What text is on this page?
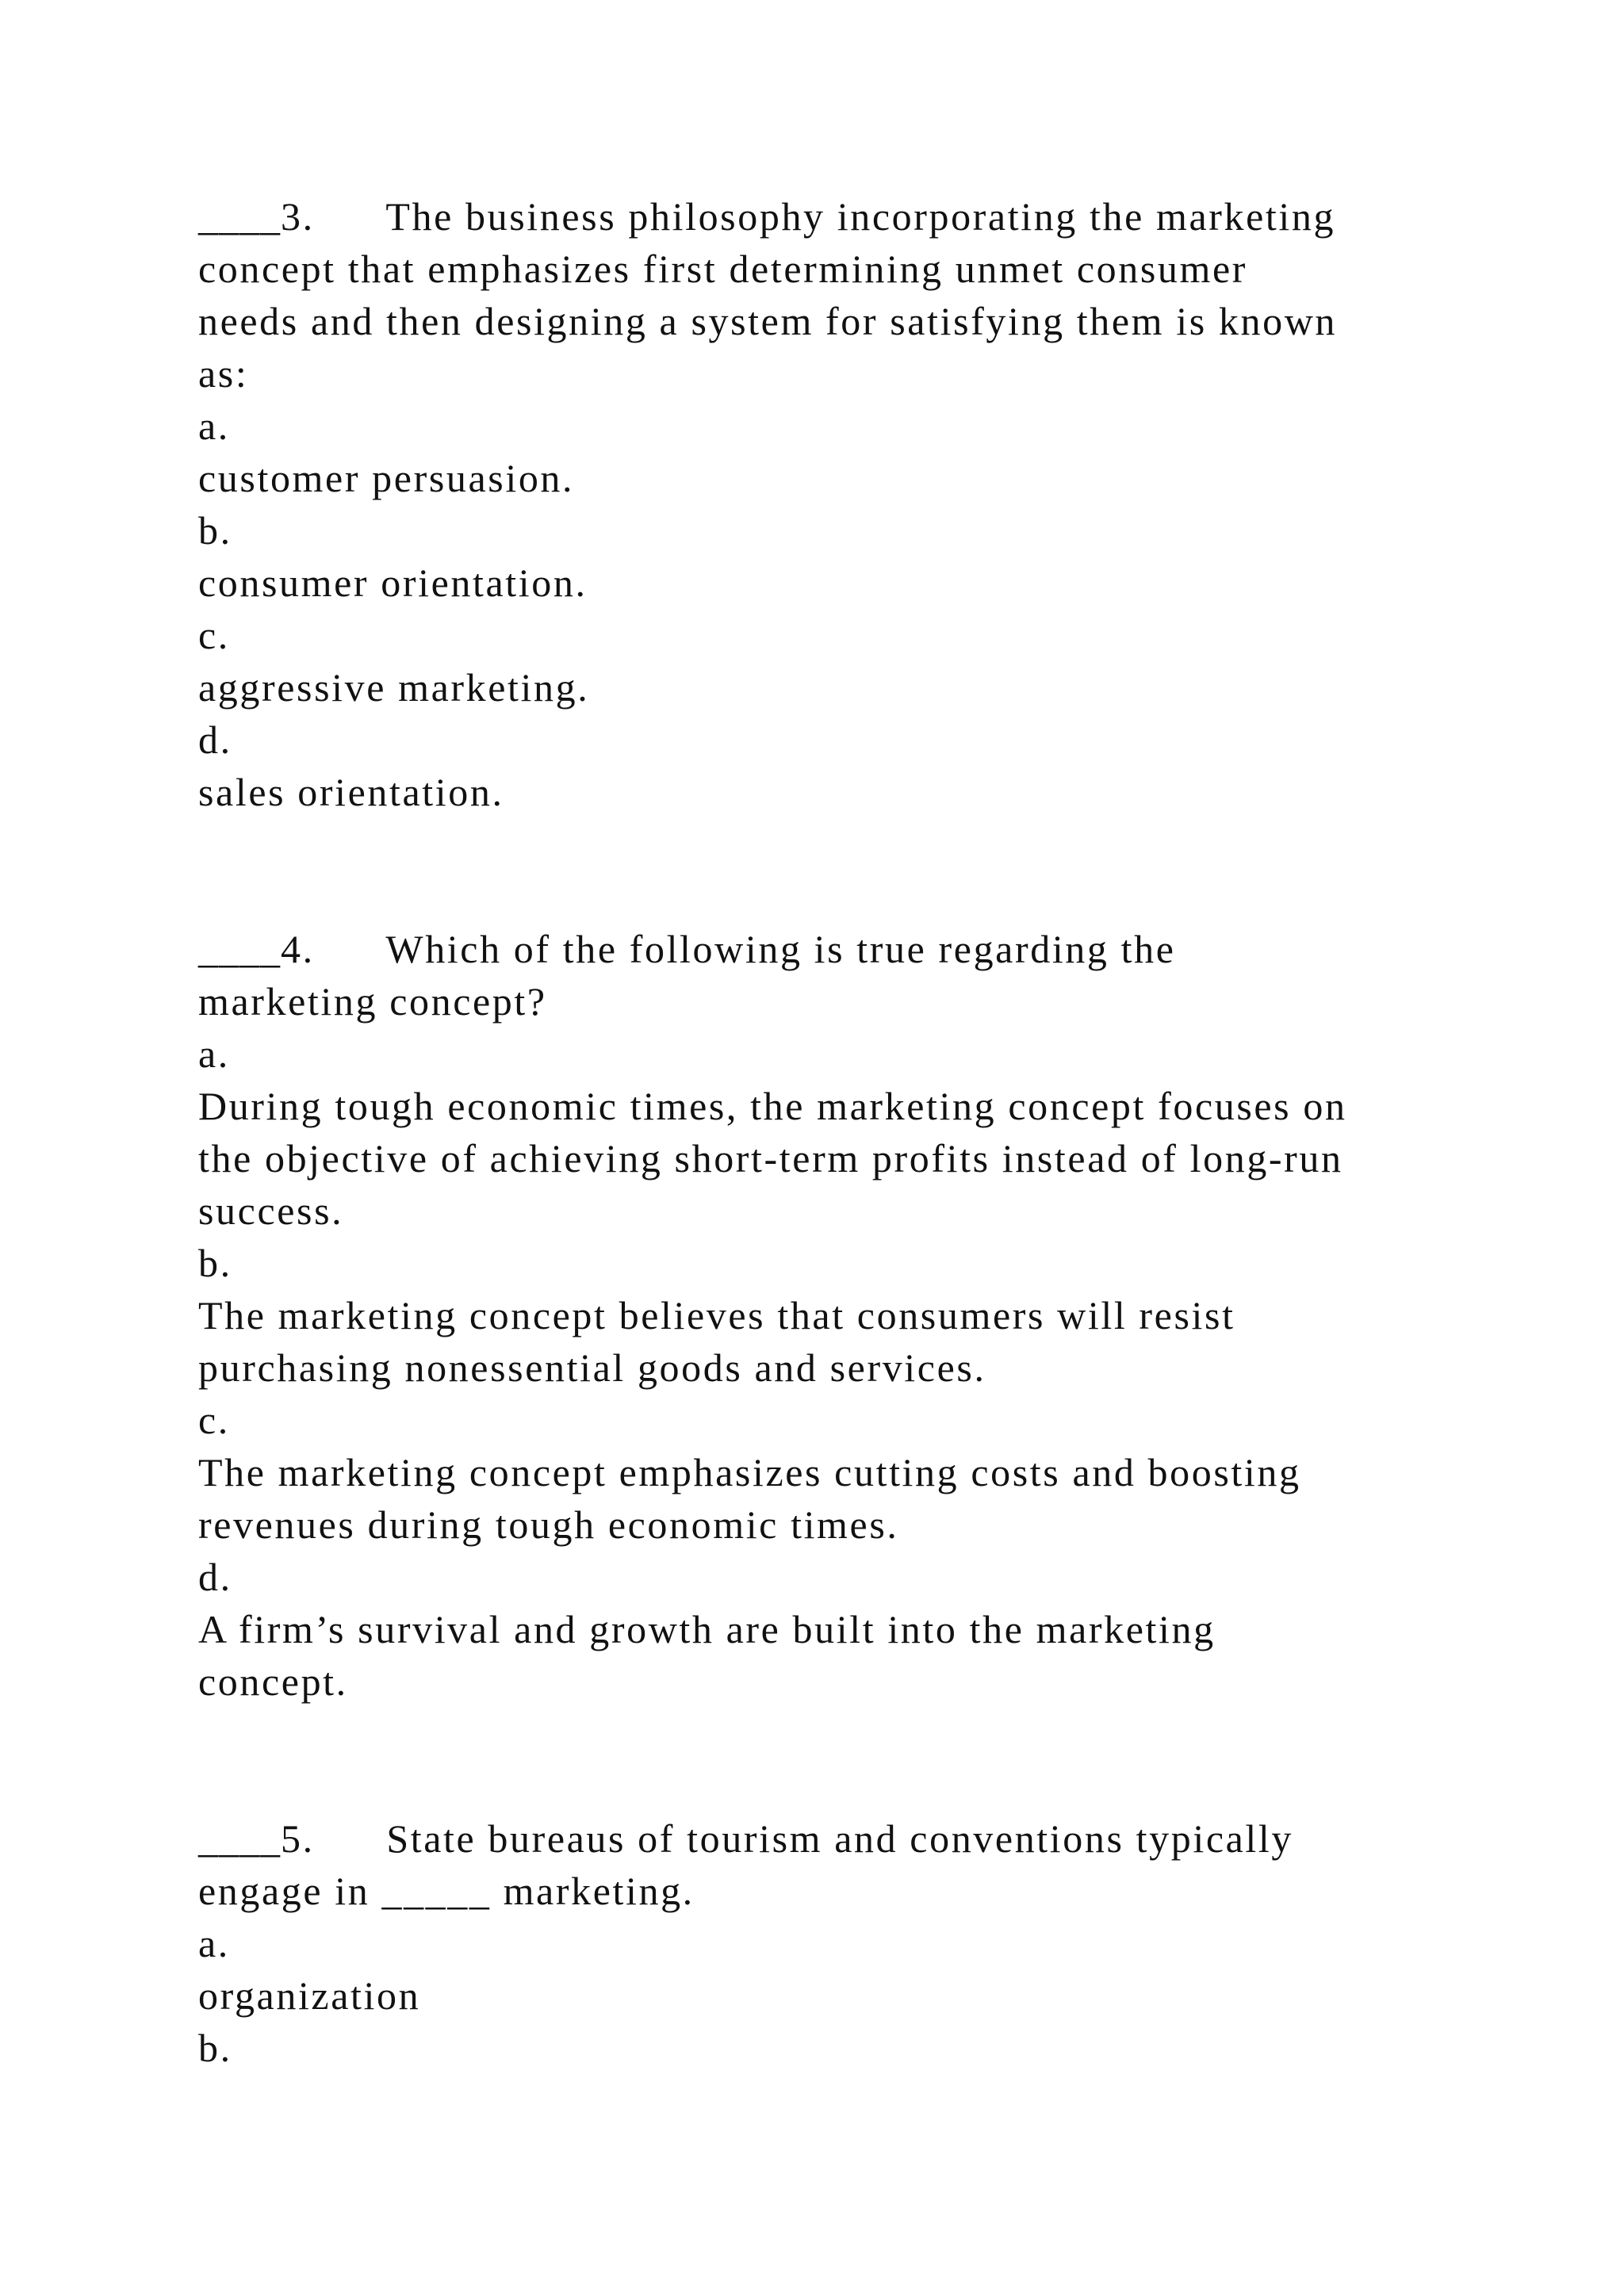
____3. The business philosophy incorporating the marketing
concept that emphasizes first determining unmet consumer
needs and then designing a system for satisfying them is known
as:
a.
customer persuasion.
b.
consumer orientation.
c.
aggressive marketing.
d.
sales orientation.
____4. Which of the following is true regarding the
marketing concept?
a.
During tough economic times, the marketing concept focuses on
the objective of achieving short-term profits instead of long-run
success.
b.
The marketing concept believes that consumers will resist
purchasing nonessential goods and services.
c.
The marketing concept emphasizes cutting costs and boosting
revenues during tough economic times.
d.
A firm’s survival and growth are built into the marketing
concept.
____5. State bureaus of tourism and conventions typically
engage in _____ marketing.
a.
organization
b.
